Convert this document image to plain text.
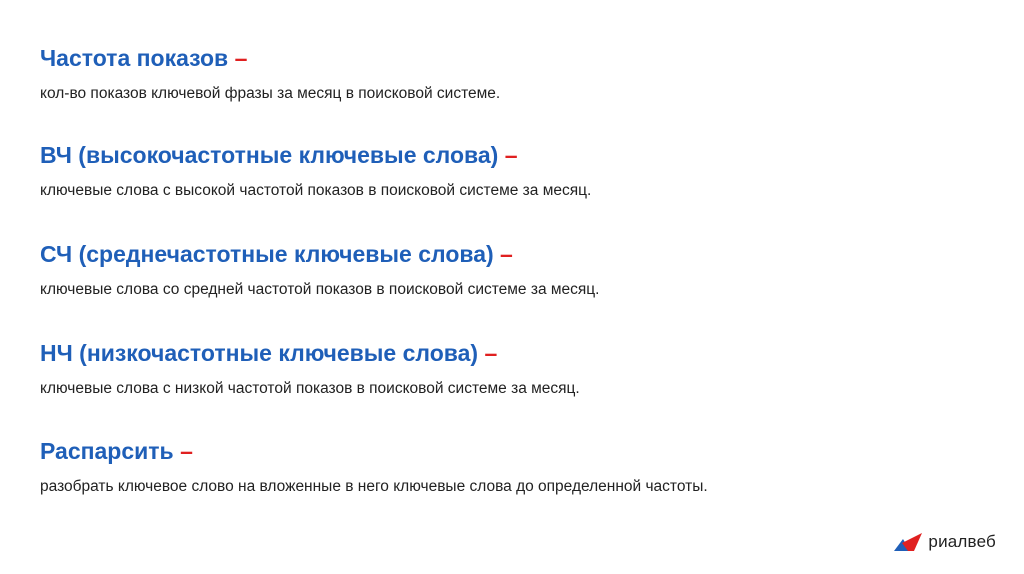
Частота показов –
кол-во показов ключевой фразы за месяц в поисковой системе.
ВЧ (высокочастотные ключевые слова) –
ключевые слова с высокой частотой показов в поисковой системе за месяц.
СЧ (среднечастотные ключевые слова) –
ключевые слова со средней частотой показов в поисковой системе за месяц.
НЧ (низкочастотные ключевые слова) –
ключевые слова с низкой частотой показов в поисковой системе за месяц.
Распарсить –
разобрать ключевое слово на вложенные в него ключевые слова до определенной частоты.
риалвеб
